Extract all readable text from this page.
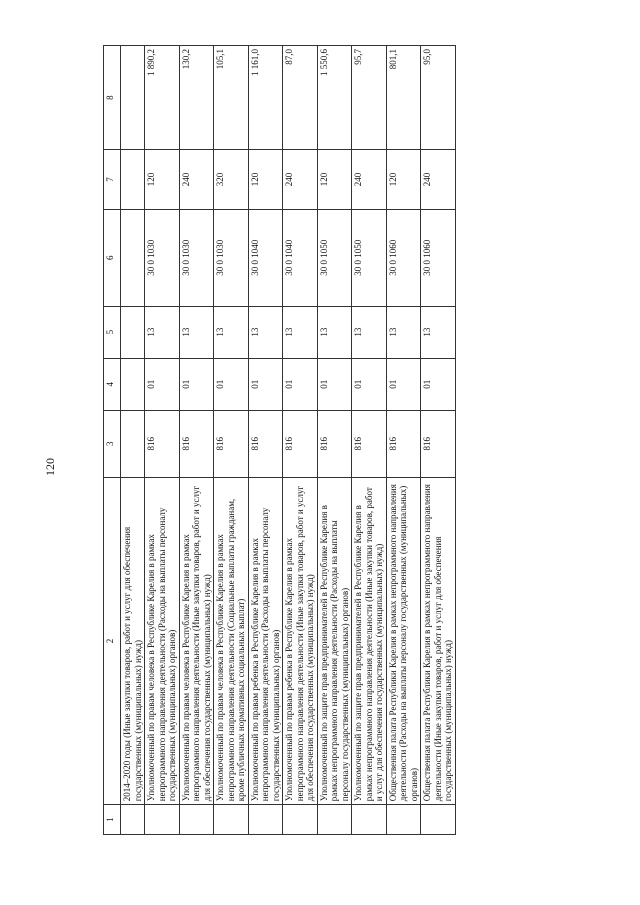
120
1	2	3	4	5	6	7	8
	2014–2020 годы (Иные закупки товаров, работ и услуг для обеспечения государственных (муниципальных) нужд)						
	Уполномоченный по правам человека в Республике Карелия в рамках непрограммного направления деятельности (Расходы на выплаты персоналу государственных (муниципальных) органов)	816	01	13	30 0 1030	120	1 890,2
	Уполномоченный по правам человека в Республике Карелия в рамках непрограммного направления деятельности (Иные закупки товаров, работ и услуг для обеспечения государственных (муниципальных) нужд)	816	01	13	30 0 1030	240	130,2
	Уполномоченный по правам человека в Республике Карелия в рамках непрограммного направления деятельности (Социальные выплаты гражданам, кроме публичных нормативных социальных выплат)	816	01	13	30 0 1030	320	105,1
	Уполномоченный по правам ребенка в Республике Карелия в рамках непрограммного направления деятельности (Расходы на выплаты персоналу государственных (муниципальных) органов)	816	01	13	30 0 1040	120	1 161,0
	Уполномоченный по правам ребенка в Республике Карелия в рамках непрограммного направления деятельности (Иные закупки товаров, работ и услуг для обеспечения государственных (муниципальных) нужд)	816	01	13	30 0 1040	240	87,0
	Уполномоченный по защите прав предпринимателей в Республике Карелия в рамках непрограммного направления деятельности (Расходы на выплаты персоналу государственных (муниципальных) органов)	816	01	13	30 0 1050	120	1 550,6
	Уполномоченный по защите прав предпринимателей в Республике Карелия в рамках непрограммного направления деятельности (Иные закупки товаров, работ и услуг для обеспечения государственных (муниципальных) нужд)	816	01	13	30 0 1050	240	95,7
	Общественная палата Республики Карелия в рамках непрограммного направления деятельности (Расходы на выплаты персоналу государственных (муниципальных) органов)	816	01	13	30 0 1060	120	801,1
	Общественная палата Республики Карелия в рамках непрограммного направления деятельности (Иные закупки товаров, работ и услуг для обеспечения государственных (муниципальных) нужд)	816	01	13	30 0 1060	240	95,0
